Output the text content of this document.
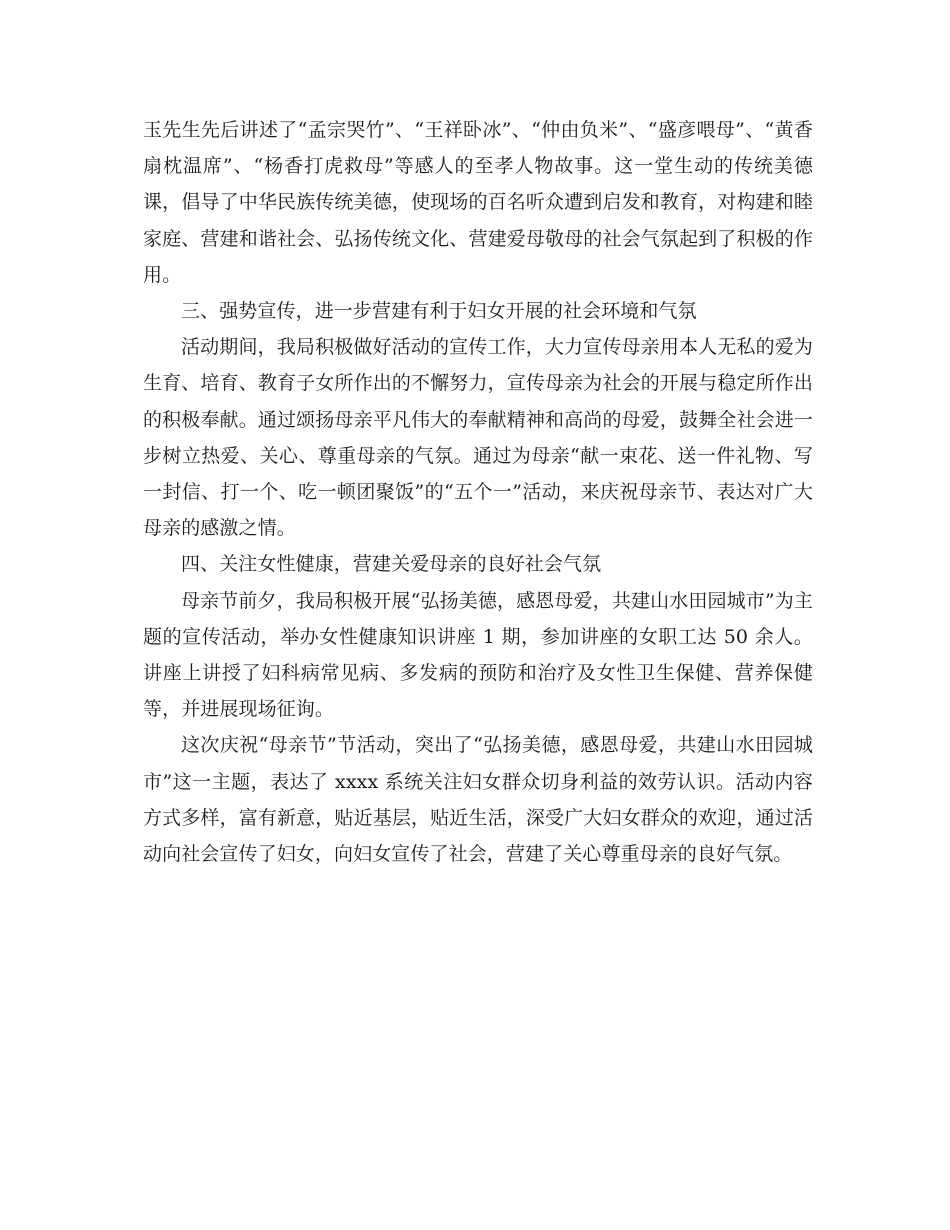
玉先生先后讲述了“孟宗哭竹”、“王祥卧冰”、“仲由负米”、“盛彦喂母”、“黄香扇枕温席”、“杨香打虎救母”等感人的至孝人物故事。这一堂生动的传统美德课，倡导了中华民族传统美德，使现场的百名听众遭到启发和教育，对构建和睦家庭、营建和谐社会、弘扬传统文化、营建爱母敬母的社会气氛起到了积极的作用。

三、强势宣传，进一步营建有利于妇女开展的社会环境和气氛

活动期间，我局积极做好活动的宣传工作，大力宣传母亲用本人无私的爱为生育、培育、教育子女所作出的不懈努力，宣传母亲为社会的开展与稳定所作出的积极奉献。通过颂扬母亲平凡伟大的奉献精神和高尚的母爱，鼓舞全社会进一步树立热爱、关心、尊重母亲的气氛。通过为母亲“献一束花、送一件礼物、写一封信、打一个、吃一顿团聚饭”的“五个一”活动，来庆祝母亲节、表达对广大母亲的感激之情。

四、关注女性健康，营建关爱母亲的良好社会气氛

母亲节前夕，我局积极开展“弘扬美德，感恩母爱，共建山水田园城市”为主题的宣传活动，举办女性健康知识讲座 1 期，参加讲座的女职工达 50 余人。讲座上讲授了妇科病常见病、多发病的预防和治疗及女性卫生保健、营养保健等，并进展现场征询。

这次庆祝“母亲节”节活动，突出了“弘扬美德，感恩母爱，共建山水田园城市”这一主题，表达了 xxxx 系统关注妇女群众切身利益的效劳认识。活动内容方式多样，富有新意，贴近基层，贴近生活，深受广大妇女群众的欢迎，通过活动向社会宣传了妇女，向妇女宣传了社会，营建了关心尊重母亲的良好气氛。
